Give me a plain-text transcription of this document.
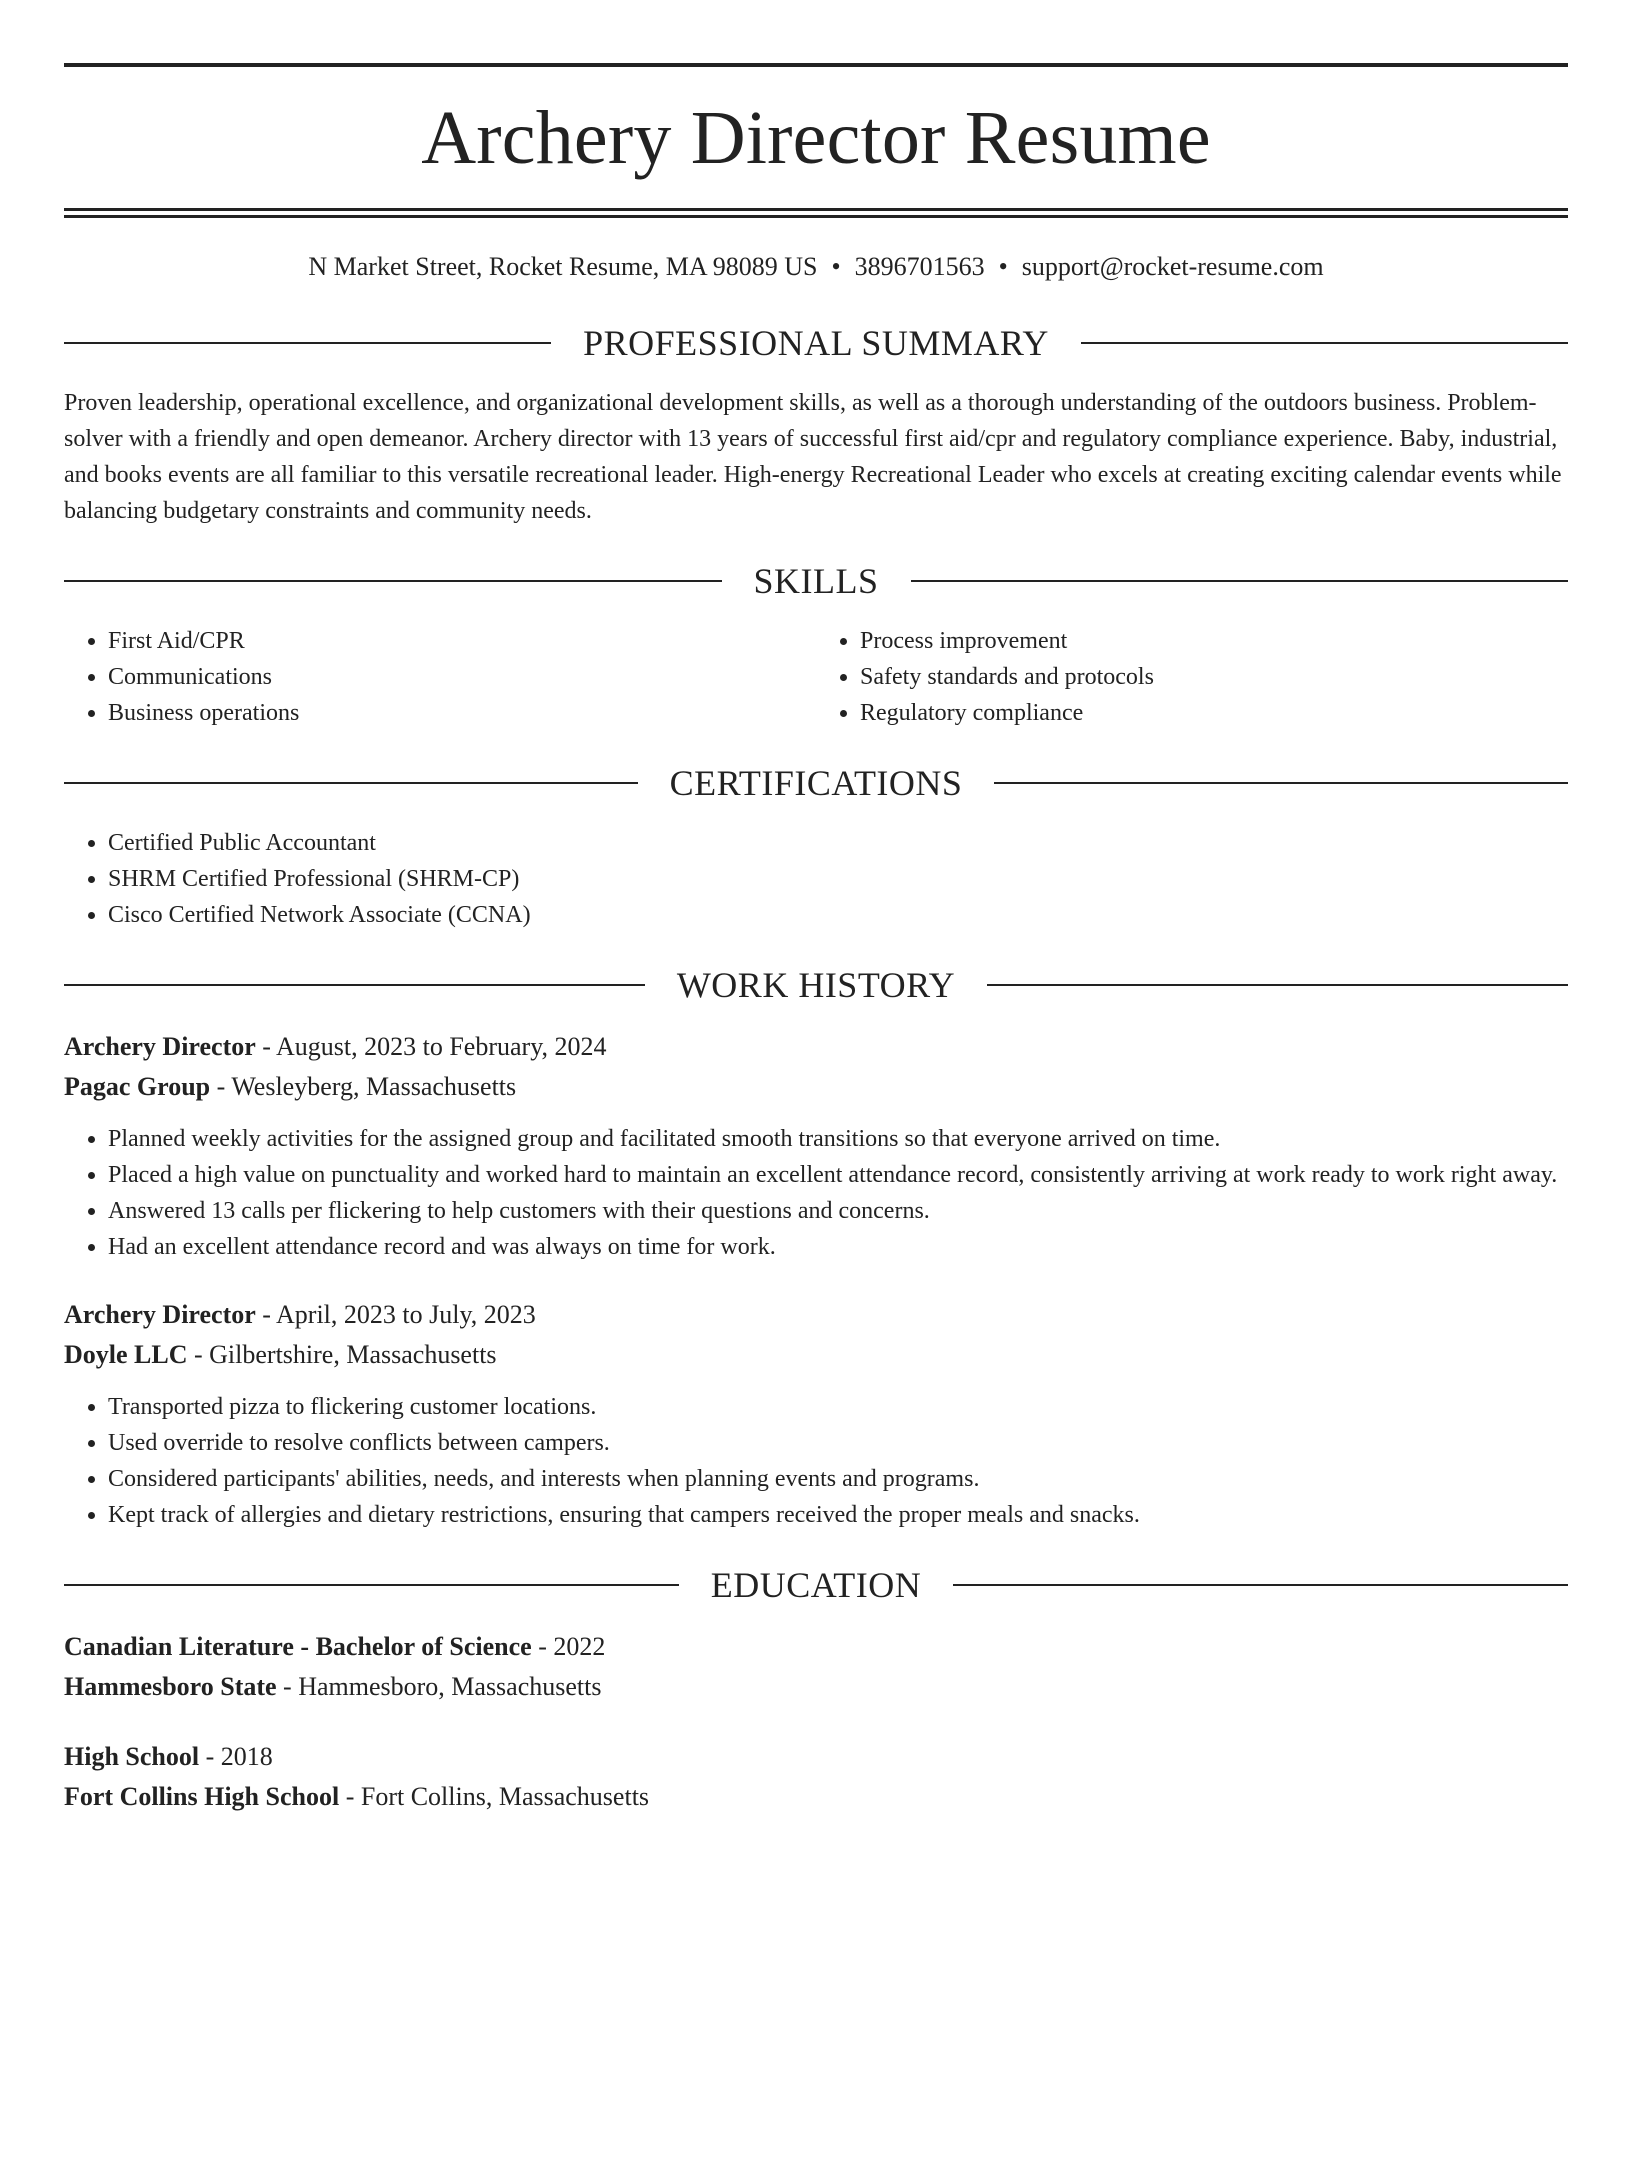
Archery Director Resume
N Market Street, Rocket Resume, MA 98089 US • 3896701563 • support@rocket-resume.com
PROFESSIONAL SUMMARY

Proven leadership, operational excellence, and organizational development skills, as well as a thorough understanding of the outdoors business. Problem-solver with a friendly and open demeanor. Archery director with 13 years of successful first aid/cpr and regulatory compliance experience. Baby, industrial, and books events are all familiar to this versatile recreational leader. High-energy Recreational Leader who excels at creating exciting calendar events while balancing budgetary constraints and community needs.

SKILLS
• First Aid/CPR
• Communications
• Business operations
• Process improvement
• Safety standards and protocols
• Regulatory compliance
CERTIFICATIONS
• Certified Public Accountant
• SHRM Certified Professional (SHRM-CP)
• Cisco Certified Network Associate (CCNA)
WORK HISTORY
Archery Director - August, 2023 to February, 2024
Pagac Group - Wesleyberg, Massachusetts
• Planned weekly activities for the assigned group and facilitated smooth transitions so that everyone arrived on time.
• Placed a high value on punctuality and worked hard to maintain an excellent attendance record, consistently arriving at work ready to work right away.
• Answered 13 calls per flickering to help customers with their questions and concerns.
• Had an excellent attendance record and was always on time for work.
Archery Director - April, 2023 to July, 2023
Doyle LLC - Gilbertshire, Massachusetts
• Transported pizza to flickering customer locations.
• Used override to resolve conflicts between campers.
• Considered participants' abilities, needs, and interests when planning events and programs.
• Kept track of allergies and dietary restrictions, ensuring that campers received the proper meals and snacks.
EDUCATION
Canadian Literature - Bachelor of Science - 2022
Hammesboro State - Hammesboro, Massachusetts
High School - 2018
Fort Collins High School - Fort Collins, Massachusetts
